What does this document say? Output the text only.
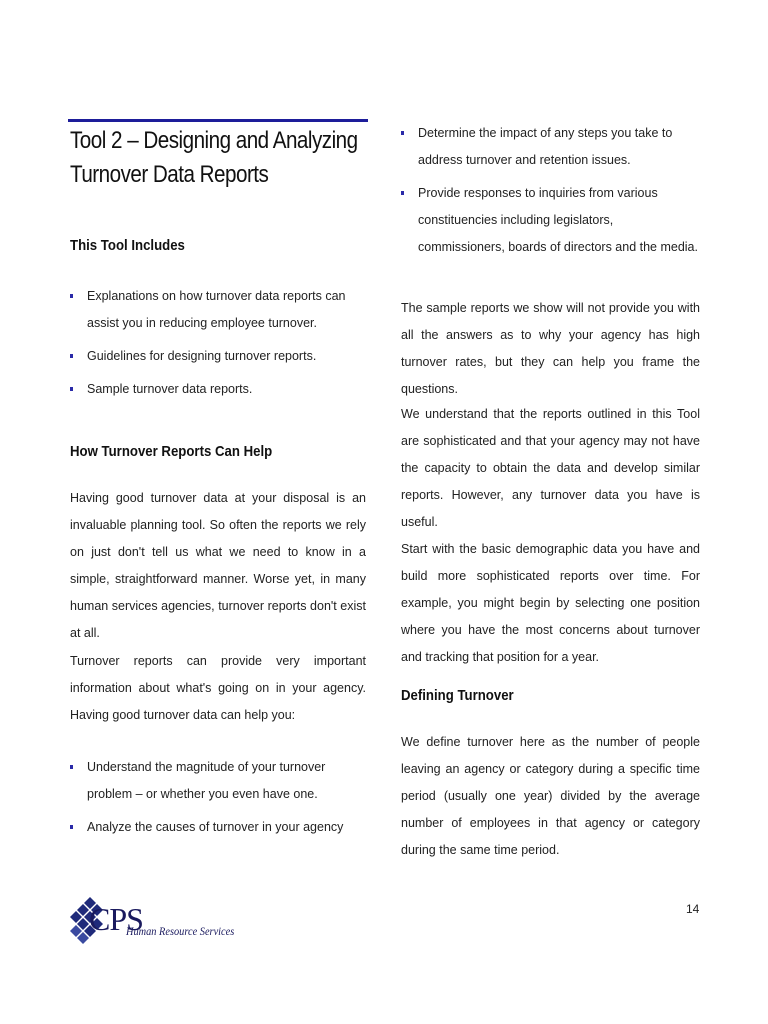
Tool 2 – Designing and Analyzing Turnover Data Reports
This Tool Includes
Explanations on how turnover data reports can assist you in reducing employee turnover.
Guidelines for designing turnover reports.
Sample turnover data reports.
How Turnover Reports Can Help
Having good turnover data at your disposal is an invaluable planning tool. So often the reports we rely on just don't tell us what we need to know in a simple, straightforward manner. Worse yet, in many human services agencies, turnover reports don't exist at all.
Turnover reports can provide very important information about what's going on in your agency. Having good turnover data can help you:
Understand the magnitude of your turnover problem – or whether you even have one.
Analyze the causes of turnover in your agency
Determine the impact of any steps you take to address turnover and retention issues.
Provide responses to inquiries from various constituencies including legislators, commissioners, boards of directors and the media.
The sample reports we show will not provide you with all the answers as to why your agency has high turnover rates, but they can help you frame the questions.
We understand that the reports outlined in this Tool are sophisticated and that your agency may not have the capacity to obtain the data and develop similar reports. However, any turnover data you have is useful.
Start with the basic demographic data you have and build more sophisticated reports over time. For example, you might begin by selecting one position where you have the most concerns about turnover and tracking that position for a year.
Defining Turnover
We define turnover here as the number of people leaving an agency or category during a specific time period (usually one year) divided by the average number of employees in that agency or category during the same time period.
CPS
Human Resource Services
14
